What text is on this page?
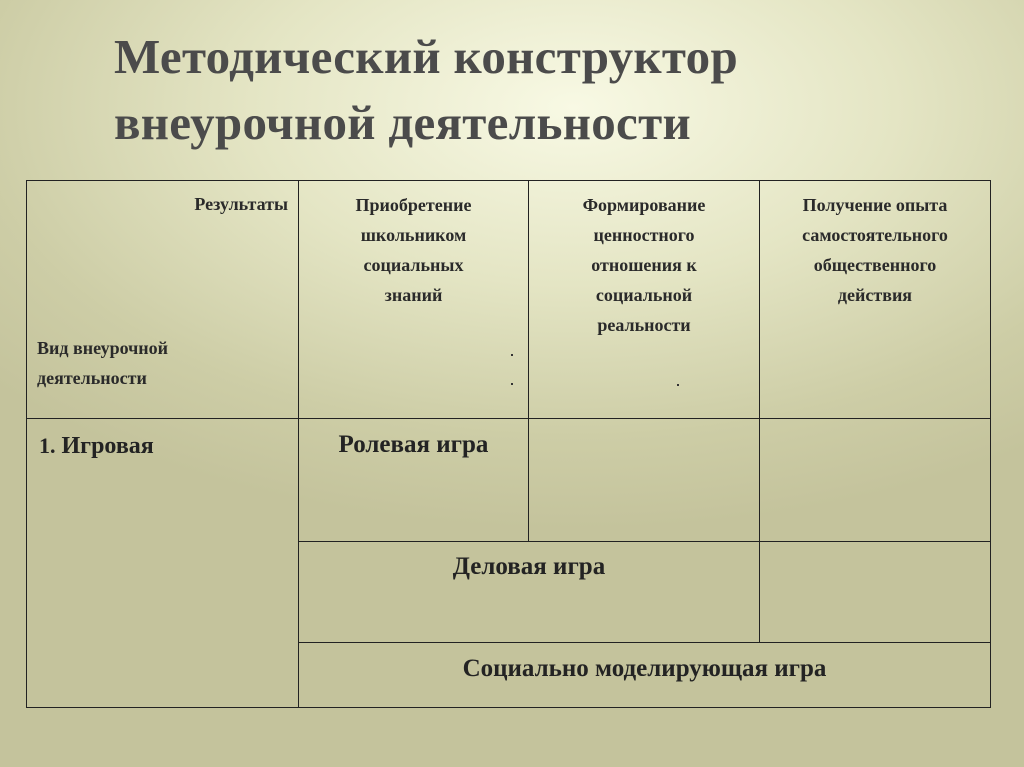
Методический конструктор
внеурочной деятельности
Результаты
Вид внеурочной
деятельности
Приобретение
школьником
социальных
знаний
Формирование
ценностного
отношения к
социальной
реальности
Получение опыта
самостоятельного
общественного
действия
1. Игровая	Ролевая игра
Деловая игра
Социально моделирующая игра
